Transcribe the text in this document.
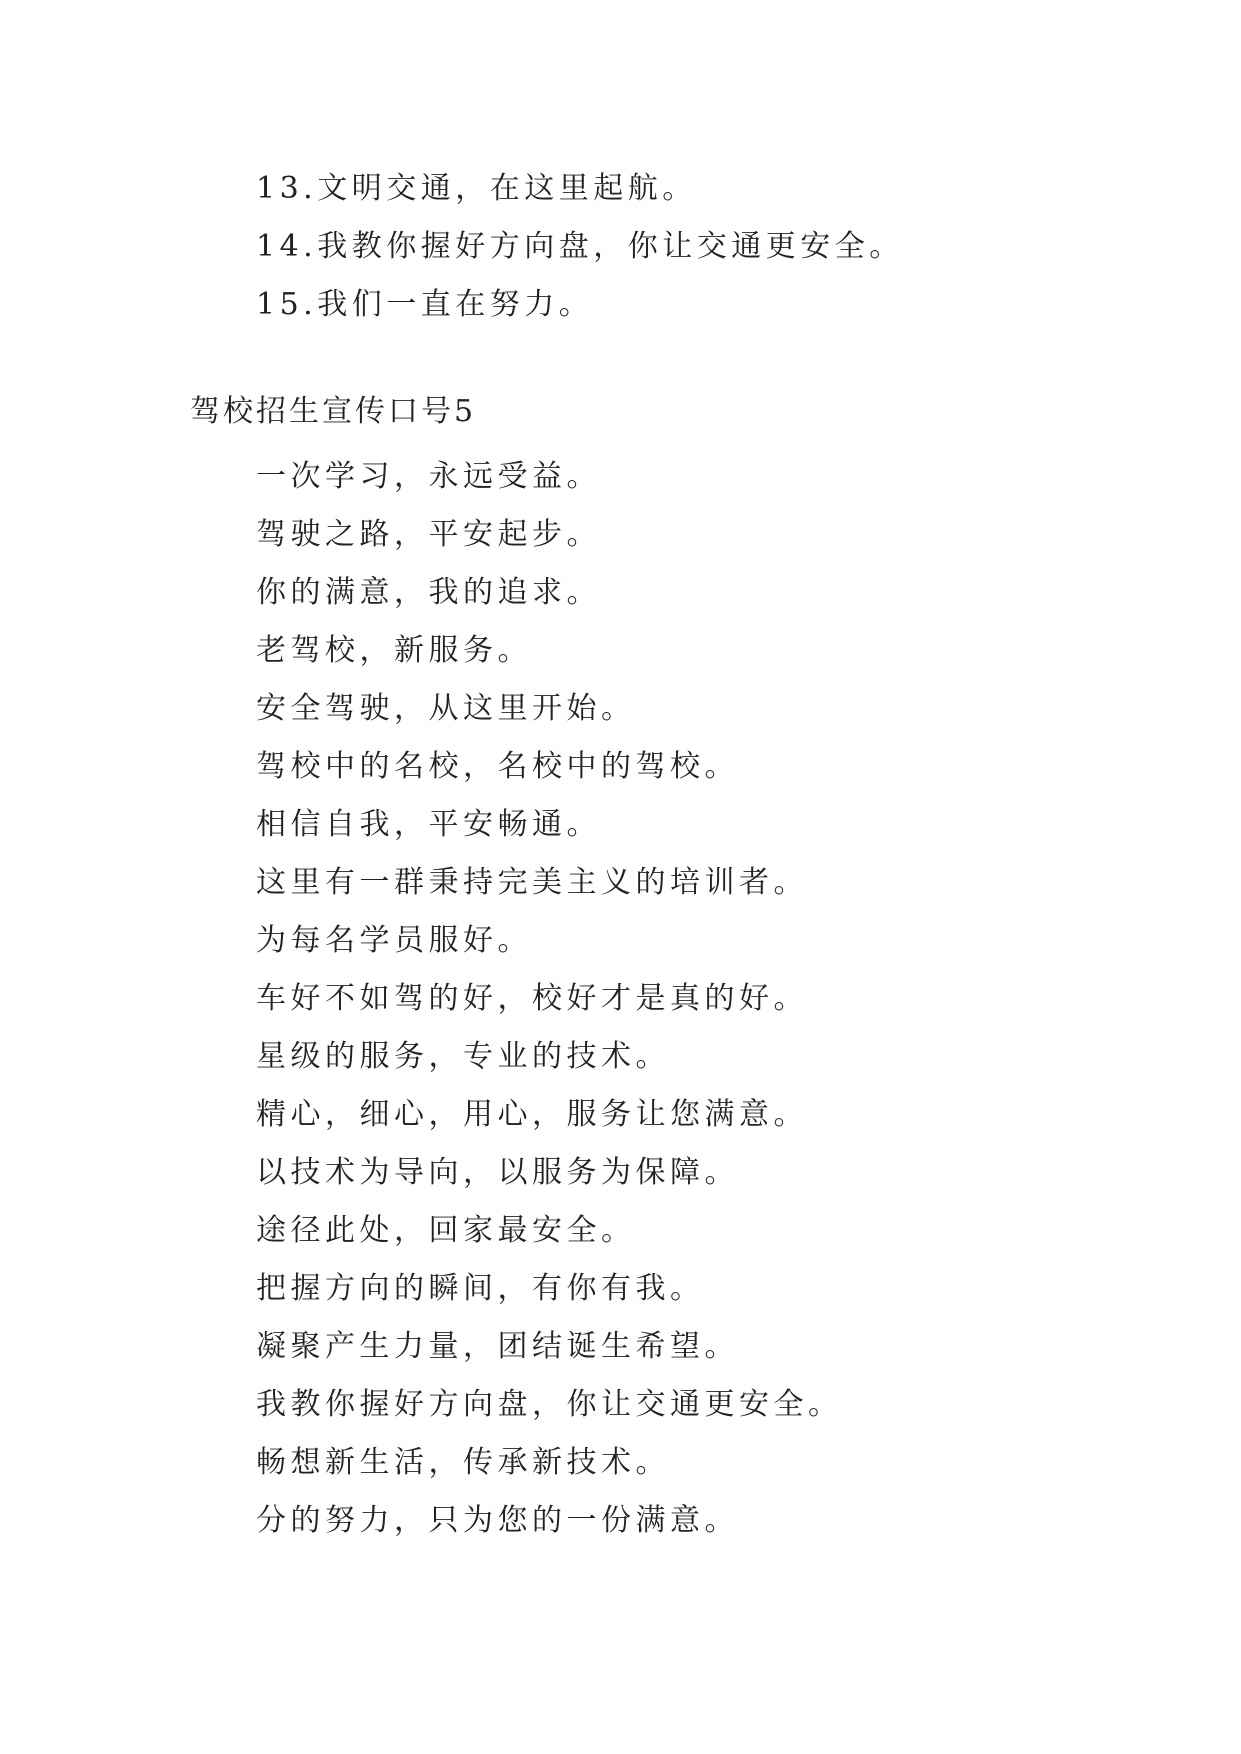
13.文明交通，在这里起航。
14.我教你握好方向盘，你让交通更安全。
15.我们一直在努力。
驾校招生宣传口号5
一次学习，永远受益。
驾驶之路，平安起步。
你的满意，我的追求。
老驾校，新服务。
安全驾驶，从这里开始。
驾校中的名校，名校中的驾校。
相信自我，平安畅通。
这里有一群秉持完美主义的培训者。
为每名学员服好。
车好不如驾的好，校好才是真的好。
星级的服务，专业的技术。
精心，细心，用心，服务让您满意。
以技术为导向，以服务为保障。
途径此处，回家最安全。
把握方向的瞬间，有你有我。
凝聚产生力量，团结诞生希望。
我教你握好方向盘，你让交通更安全。
畅想新生活，传承新技术。
分的努力，只为您的一份满意。
